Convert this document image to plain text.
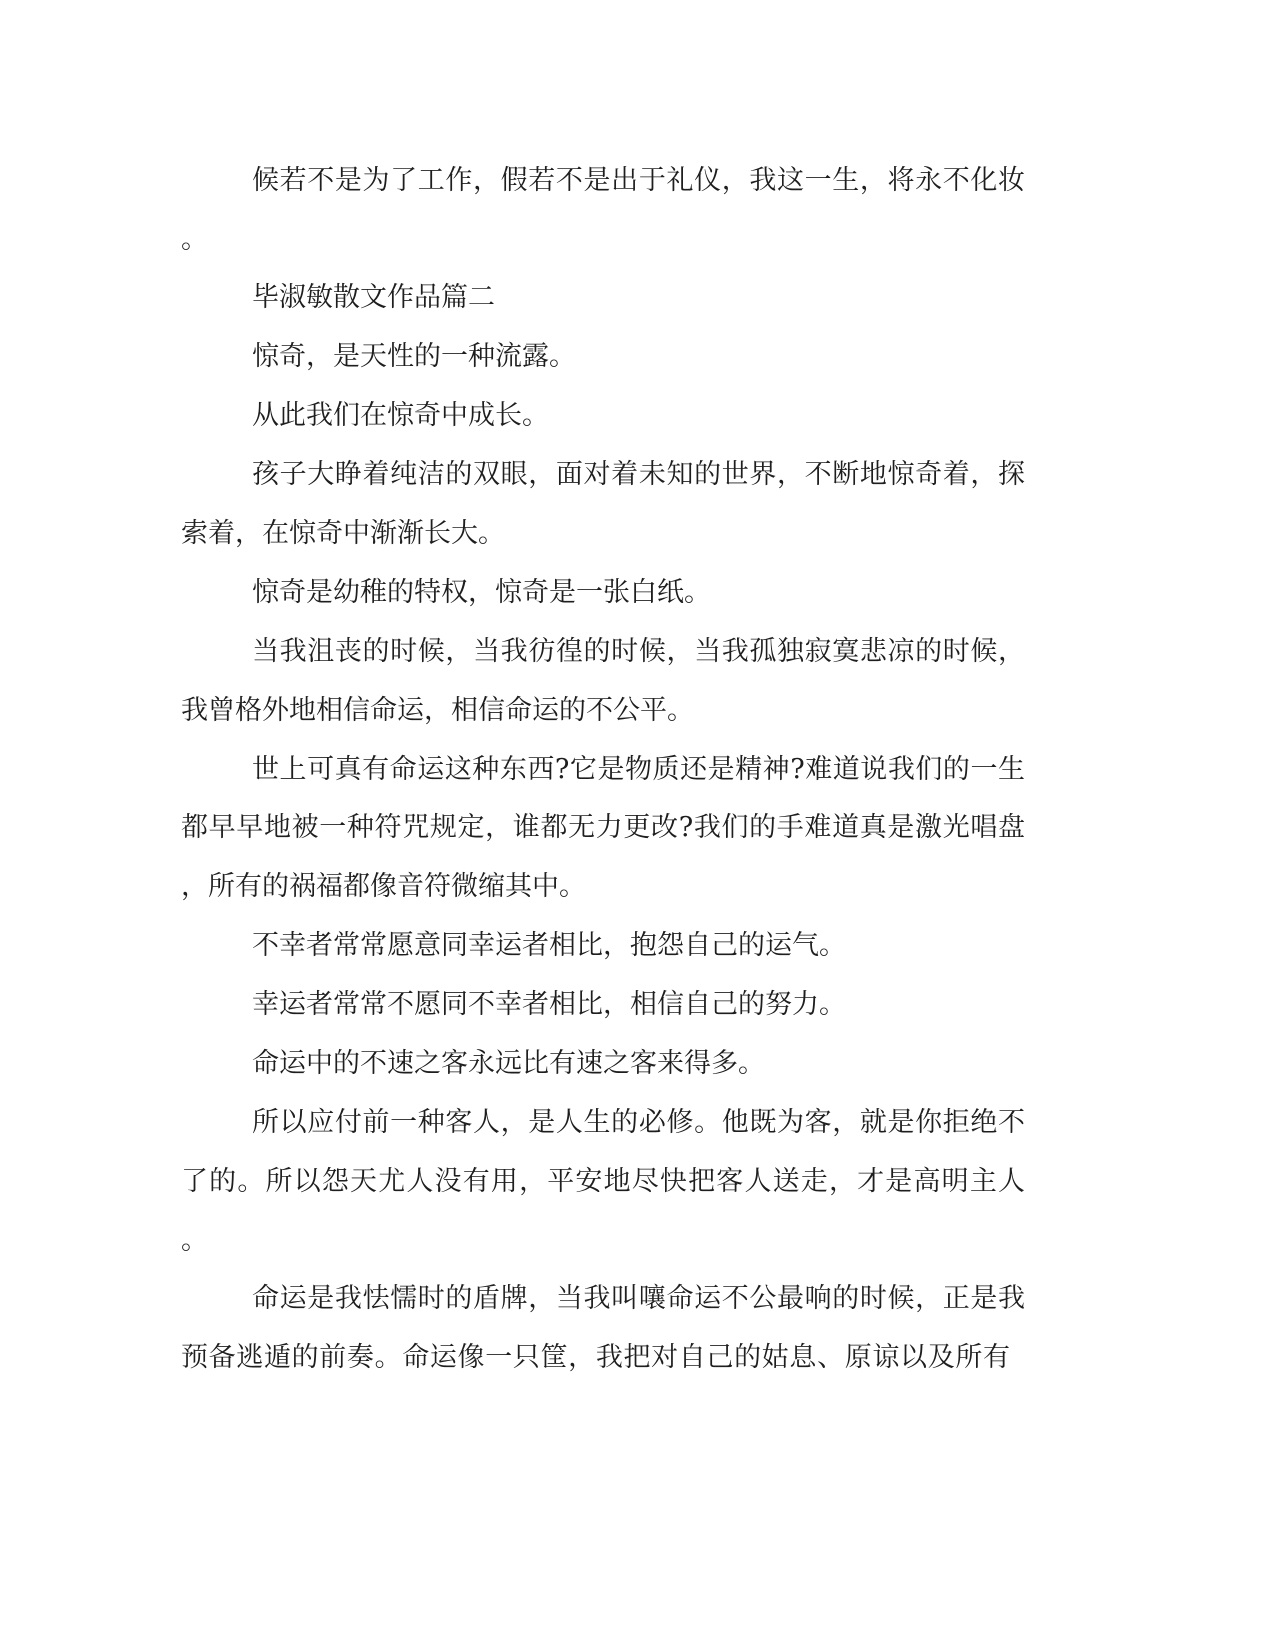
候若不是为了工作，假若不是出于礼仪，我这一生，将永不化妆
。
毕淑敏散文作品篇二
惊奇，是天性的一种流露。
从此我们在惊奇中成长。
孩子大睁着纯洁的双眼，面对着未知的世界，不断地惊奇着，探
索着，在惊奇中渐渐长大。
惊奇是幼稚的特权，惊奇是一张白纸。
当我沮丧的时候，当我彷徨的时候，当我孤独寂寞悲凉的时候，
我曾格外地相信命运，相信命运的不公平。
世上可真有命运这种东西?它是物质还是精神?难道说我们的一生
都早早地被一种符咒规定，谁都无力更改?我们的手难道真是激光唱盘
，所有的祸福都像音符微缩其中。
不幸者常常愿意同幸运者相比，抱怨自己的运气。
幸运者常常不愿同不幸者相比，相信自己的努力。
命运中的不速之客永远比有速之客来得多。
所以应付前一种客人，是人生的必修。他既为客，就是你拒绝不
了的。所以怨天尤人没有用，平安地尽快把客人送走，才是高明主人
。
命运是我怯懦时的盾牌，当我叫嚷命运不公最响的时候，正是我
预备逃遁的前奏。命运像一只筐，我把对自己的姑息、原谅以及所有
